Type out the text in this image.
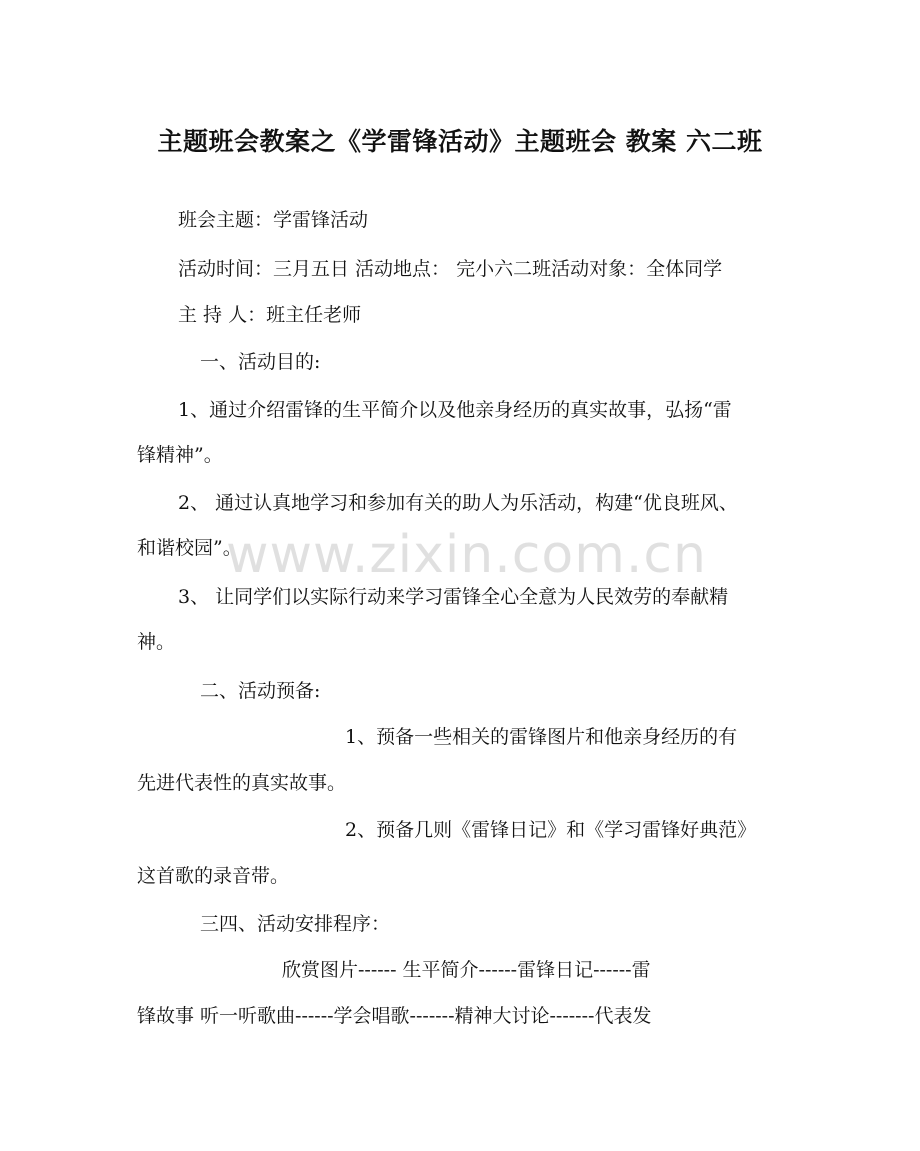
主题班会教案之《学雷锋活动》主题班会 教案 六二班
班会主题：学雷锋活动
活动时间：三月五日 活动地点： 完小六二班活动对象：全体同学
主 持 人：班主任老师
一、活动目的:
1、通过介绍雷锋的生平简介以及他亲身经历的真实故事，弘扬“雷
锋精神”。
2、 通过认真地学习和参加有关的助人为乐活动，构建“优良班风、
和谐校园”。
3、 让同学们以实际行动来学习雷锋全心全意为人民效劳的奉献精
神。
二、活动预备:
1、预备一些相关的雷锋图片和他亲身经历的有
先进代表性的真实故事。
2、预备几则《雷锋日记》和《学习雷锋好典范》
这首歌的录音带。
三四、活动安排程序：
欣赏图片------ 生平简介------雷锋日记------雷
锋故事 听一听歌曲------学会唱歌-------精神大讨论-------代表发
www.zixin.com.cn
